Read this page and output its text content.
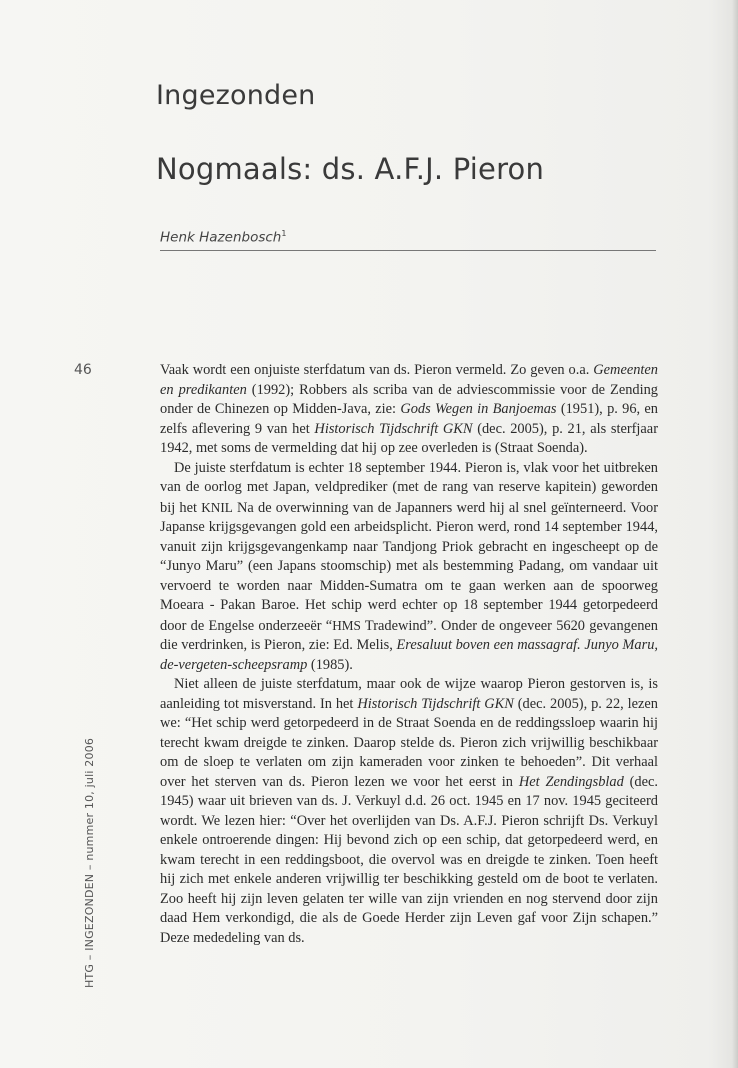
Ingezonden
Nogmaals: ds. A.F.J. Pieron
Henk Hazenbosch$^1$
46
HTG – INGEZONDEN – nummer 10, juli 2006

Vaak wordt een onjuiste sterfdatum van ds. Pieron vermeld. Zo geven o.a. Gemeenten en predikanten (1992); Robbers als scriba van de adviescommissie voor de Zending onder de Chinezen op Midden-Java, zie: Gods Wegen in Banjoemas (1951), p. 96, en zelfs aflevering 9 van het Historisch Tijdschrift GKN (dec. 2005), p. 21, als sterfjaar 1942, met soms de vermelding dat hij op zee overleden is (Straat Soenda).

De juiste sterfdatum is echter 18 september 1944. Pieron is, vlak voor het uitbreken van de oorlog met Japan, veldprediker (met de rang van reserve kapitein) geworden bij het KNIL Na de overwinning van de Japanners werd hij al snel geïnterneerd. Voor Japanse krijgsgevangen gold een arbeidsplicht. Pieron werd, rond 14 september 1944, vanuit zijn krijgsgevangenkamp naar Tandjong Priok gebracht en ingescheept op de “Junyo Maru” (een Japans stoomschip) met als bestemming Padang, om vandaar uit vervoerd te worden naar Midden-Sumatra om te gaan werken aan de spoorweg Moeara - Pakan Baroe. Het schip werd echter op 18 september 1944 getorpedeerd door de Engelse onderzeeër “HMS Tradewind”. Onder de ongeveer 5620 gevangenen die verdrinken, is Pieron, zie: Ed. Melis, Eresaluut boven een massagraf. Junyo Maru, de-vergeten-scheepsramp (1985).

Niet alleen de juiste sterfdatum, maar ook de wijze waarop Pieron gestorven is, is aanleiding tot misverstand. In het Historisch Tijdschrift GKN (dec. 2005), p. 22, lezen we: “Het schip werd getorpedeerd in de Straat Soenda en de reddingssloep waarin hij terecht kwam dreigde te zinken. Daarop stelde ds. Pieron zich vrijwillig beschikbaar om de sloep te verlaten om zijn kameraden voor zinken te behoeden”. Dit verhaal over het sterven van ds. Pieron lezen we voor het eerst in Het Zendingsblad (dec. 1945) waar uit brieven van ds. J. Verkuyl d.d. 26 oct. 1945 en 17 nov. 1945 geciteerd wordt. We lezen hier: “Over het overlijden van Ds. A.F.J. Pieron schrijft Ds. Verkuyl enkele ontroerende dingen: Hij bevond zich op een schip, dat getorpedeerd werd, en kwam terecht in een reddingsboot, die overvol was en dreigde te zinken. Toen heeft hij zich met enkele anderen vrijwillig ter beschikking gesteld om de boot te verlaten. Zoo heeft hij zijn leven gelaten ter wille van zijn vrienden en nog stervend door zijn daad Hem verkondigd, die als de Goede Herder zijn Leven gaf voor Zijn schapen.” Deze mededeling van ds.
